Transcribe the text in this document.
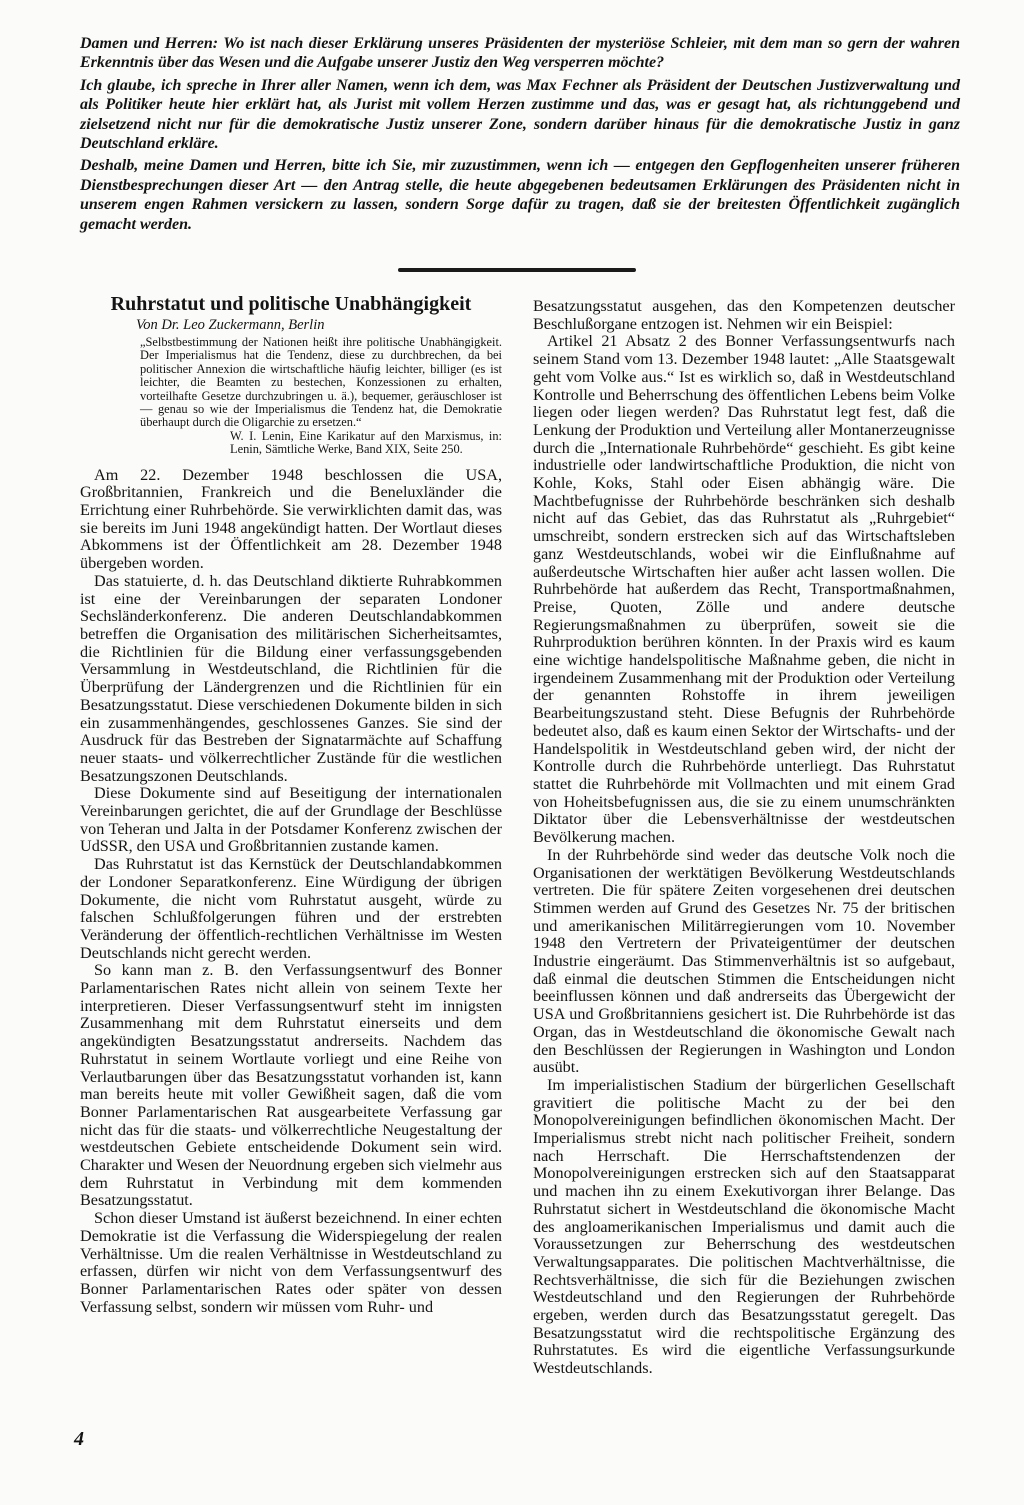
Damen und Herren: Wo ist nach dieser Erklärung unseres Präsidenten der mysteriöse Schleier, mit dem man so gern der wahren Erkenntnis über das Wesen und die Aufgabe unserer Justiz den Weg versperren möchte?

Ich glaube, ich spreche in Ihrer aller Namen, wenn ich dem, was Max Fechner als Präsident der Deutschen Justizverwaltung und als Politiker heute hier erklärt hat, als Jurist mit vollem Herzen zustimme und das, was er gesagt hat, als richtunggebend und zielsetzend nicht nur für die demokratische Justiz unserer Zone, sondern darüber hinaus für die demokratische Justiz in ganz Deutschland erkläre.

Deshalb, meine Damen und Herren, bitte ich Sie, mir zuzustimmen, wenn ich — entgegen den Gepflogenheiten unserer früheren Dienstbesprechungen dieser Art — den Antrag stelle, die heute abgegebenen bedeutsamen Erklärungen des Präsidenten nicht in unserem engen Rahmen versickern zu lassen, sondern Sorge dafür zu tragen, daß sie der breitesten Öffentlichkeit zugänglich gemacht werden.

Ruhrstatut und politische Unabhängigkeit
Von Dr. Leo Zuckermann, Berlin
„Selbstbestimmung der Nationen heißt ihre politische Unabhängigkeit. Der Imperialismus hat die Tendenz, diese zu durchbrechen, da bei politischer Annexion die wirtschaftliche häufig leichter, billiger (es ist leichter, die Beamten zu bestechen, Konzessionen zu erhalten, vorteilhafte Gesetze durchzubringen u. ä.), bequemer, geräuschloser ist — genau so wie der Imperialismus die Tendenz hat, die Demokratie überhaupt durch die Oligarchie zu ersetzen.“
W. I. Lenin, Eine Karikatur auf den Marxismus, in: Lenin, Sämtliche Werke, Band XIX, Seite 250.

Am 22. Dezember 1948 beschlossen die USA, Großbritannien, Frankreich und die Beneluxländer die Errichtung einer Ruhrbehörde. Sie verwirklichten damit das, was sie bereits im Juni 1948 angekündigt hatten. Der Wortlaut dieses Abkommens ist der Öffentlichkeit am 28. Dezember 1948 übergeben worden.

Das statuierte, d. h. das Deutschland diktierte Ruhrabkommen ist eine der Vereinbarungen der separaten Londoner Sechsländerkonferenz. Die anderen Deutschlandabkommen betreffen die Organisation des militärischen Sicherheitsamtes, die Richtlinien für die Bildung einer verfassungsgebenden Versammlung in Westdeutschland, die Richtlinien für die Überprüfung der Ländergrenzen und die Richtlinien für ein Besatzungsstatut. Diese verschiedenen Dokumente bilden in sich ein zusammenhängendes, geschlossenes Ganzes. Sie sind der Ausdruck für das Bestreben der Signatarmächte auf Schaffung neuer staats- und völkerrechtlicher Zustände für die westlichen Besatzungszonen Deutschlands.

Diese Dokumente sind auf Beseitigung der internationalen Vereinbarungen gerichtet, die auf der Grundlage der Beschlüsse von Teheran und Jalta in der Potsdamer Konferenz zwischen der UdSSR, den USA und Großbritannien zustande kamen.

Das Ruhrstatut ist das Kernstück der Deutschlandabkommen der Londoner Separatkonferenz. Eine Würdigung der übrigen Dokumente, die nicht vom Ruhrstatut ausgeht, würde zu falschen Schlußfolgerungen führen und der erstrebten Veränderung der öffentlich-rechtlichen Verhältnisse im Westen Deutschlands nicht gerecht werden.

So kann man z. B. den Verfassungsentwurf des Bonner Parlamentarischen Rates nicht allein von seinem Texte her interpretieren. Dieser Verfassungsentwurf steht im innigsten Zusammenhang mit dem Ruhrstatut einerseits und dem angekündigten Besatzungsstatut andrerseits. Nachdem das Ruhrstatut in seinem Wortlaute vorliegt und eine Reihe von Verlautbarungen über das Besatzungsstatut vorhanden ist, kann man bereits heute mit voller Gewißheit sagen, daß die vom Bonner Parlamentarischen Rat ausgearbeitete Verfassung gar nicht das für die staats- und völkerrechtliche Neugestaltung der westdeutschen Gebiete entscheidende Dokument sein wird. Charakter und Wesen der Neuordnung ergeben sich vielmehr aus dem Ruhrstatut in Verbindung mit dem kommenden Besatzungsstatut.

Schon dieser Umstand ist äußerst bezeichnend. In einer echten Demokratie ist die Verfassung die Widerspiegelung der realen Verhältnisse. Um die realen Verhältnisse in Westdeutschland zu erfassen, dürfen wir nicht von dem Verfassungsentwurf des Bonner Parlamentarischen Rates oder später von dessen Verfassung selbst, sondern wir müssen vom Ruhr- und

Besatzungsstatut ausgehen, das den Kompetenzen deutscher Beschlußorgane entzogen ist. Nehmen wir ein Beispiel:

Artikel 21 Absatz 2 des Bonner Verfassungsentwurfs nach seinem Stand vom 13. Dezember 1948 lautet: „Alle Staatsgewalt geht vom Volke aus.“ Ist es wirklich so, daß in Westdeutschland Kontrolle und Beherrschung des öffentlichen Lebens beim Volke liegen oder liegen werden? Das Ruhrstatut legt fest, daß die Lenkung der Produktion und Verteilung aller Montanerzeugnisse durch die „Internationale Ruhrbehörde“ geschieht. Es gibt keine industrielle oder landwirtschaftliche Produktion, die nicht von Kohle, Koks, Stahl oder Eisen abhängig wäre. Die Machtbefugnisse der Ruhrbehörde beschränken sich deshalb nicht auf das Gebiet, das das Ruhrstatut als „Ruhrgebiet“ umschreibt, sondern erstrecken sich auf das Wirtschaftsleben ganz Westdeutschlands, wobei wir die Einflußnahme auf außerdeutsche Wirtschaften hier außer acht lassen wollen. Die Ruhrbehörde hat außerdem das Recht, Transportmaßnahmen, Preise, Quoten, Zölle und andere deutsche Regierungsmaßnahmen zu überprüfen, soweit sie die Ruhrproduktion berühren könnten. In der Praxis wird es kaum eine wichtige handelspolitische Maßnahme geben, die nicht in irgendeinem Zusammenhang mit der Produktion oder Verteilung der genannten Rohstoffe in ihrem jeweiligen Bearbeitungszustand steht. Diese Befugnis der Ruhrbehörde bedeutet also, daß es kaum einen Sektor der Wirtschafts- und der Handelspolitik in Westdeutschland geben wird, der nicht der Kontrolle durch die Ruhrbehörde unterliegt. Das Ruhrstatut stattet die Ruhrbehörde mit Vollmachten und mit einem Grad von Hoheitsbefugnissen aus, die sie zu einem unumschränkten Diktator über die Lebensverhältnisse der westdeutschen Bevölkerung machen.

In der Ruhrbehörde sind weder das deutsche Volk noch die Organisationen der werktätigen Bevölkerung Westdeutschlands vertreten. Die für spätere Zeiten vorgesehenen drei deutschen Stimmen werden auf Grund des Gesetzes Nr. 75 der britischen und amerikanischen Militärregierungen vom 10. November 1948 den Vertretern der Privateigentümer der deutschen Industrie eingeräumt. Das Stimmenverhältnis ist so aufgebaut, daß einmal die deutschen Stimmen die Entscheidungen nicht beeinflussen können und daß andrerseits das Übergewicht der USA und Großbritanniens gesichert ist. Die Ruhrbehörde ist das Organ, das in Westdeutschland die ökonomische Gewalt nach den Beschlüssen der Regierungen in Washington und London ausübt.

Im imperialistischen Stadium der bürgerlichen Gesellschaft gravitiert die politische Macht zu der bei den Monopolvereinigungen befindlichen ökonomischen Macht. Der Imperialismus strebt nicht nach politischer Freiheit, sondern nach Herrschaft. Die Herrschaftstendenzen der Monopolvereinigungen erstrecken sich auf den Staatsapparat und machen ihn zu einem Exekutivorgan ihrer Belange. Das Ruhrstatut sichert in Westdeutschland die ökonomische Macht des angloamerikanischen Imperialismus und damit auch die Voraussetzungen zur Beherrschung des westdeutschen Verwaltungsapparates. Die politischen Machtverhältnisse, die Rechtsverhältnisse, die sich für die Beziehungen zwischen Westdeutschland und den Regierungen der Ruhrbehörde ergeben, werden durch das Besatzungsstatut geregelt. Das Besatzungsstatut wird die rechtspolitische Ergänzung des Ruhrstatutes. Es wird die eigentliche Verfassungsurkunde Westdeutschlands.

4
